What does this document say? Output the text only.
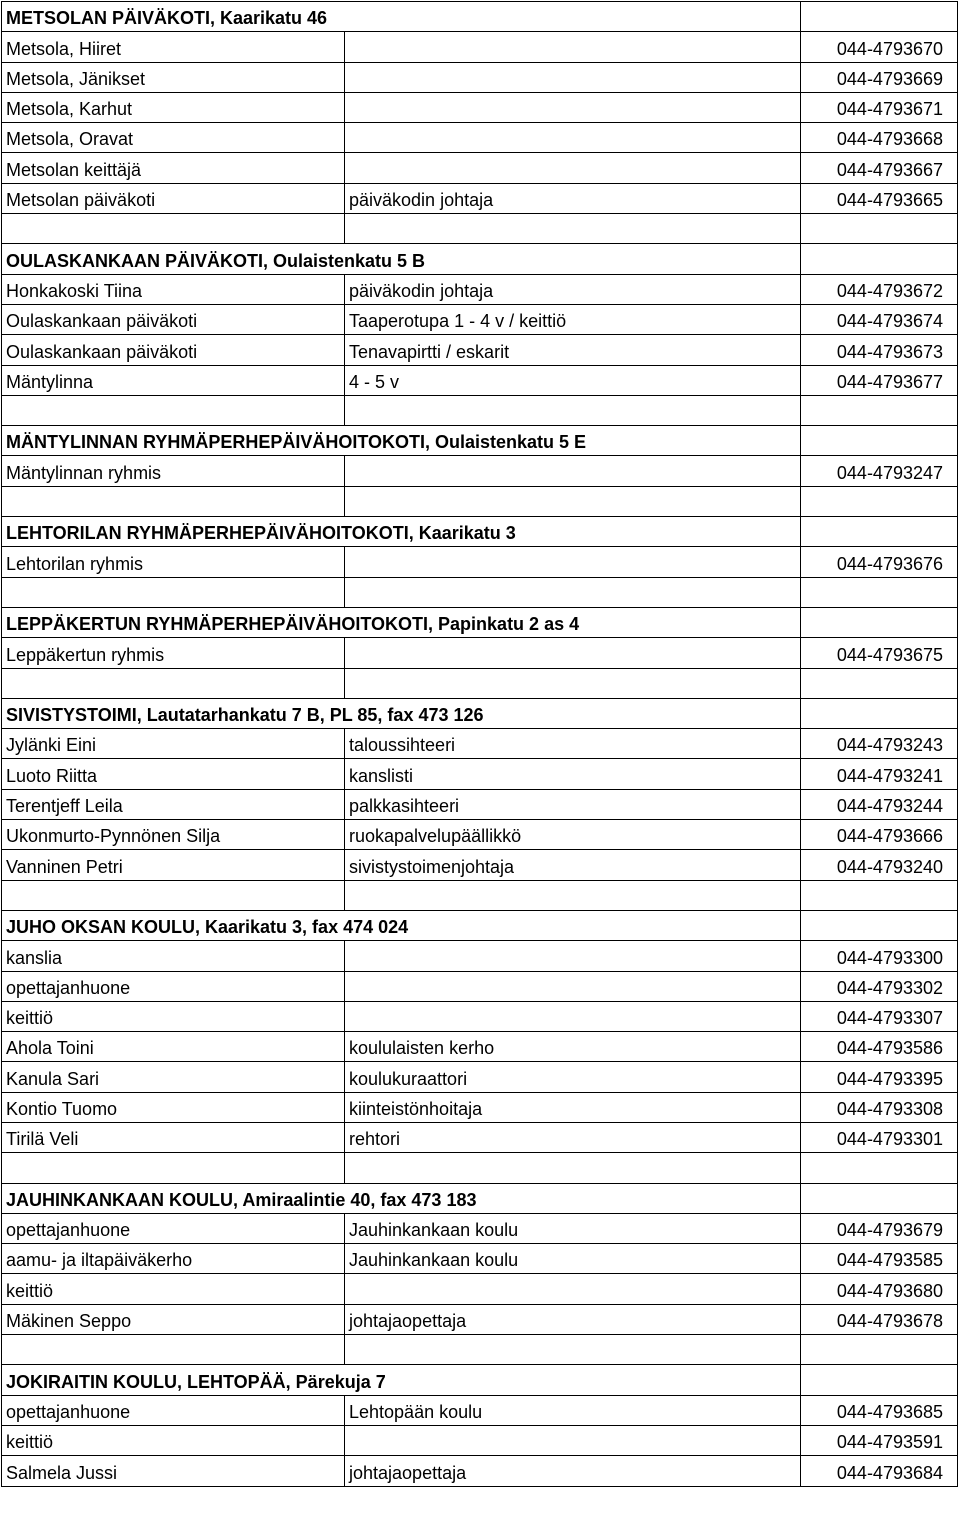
METSOLAN PÄIVÄKOTI, Kaarikatu 46		
Metsola, Hiiret		044-4793670
Metsola, Jänikset		044-4793669
Metsola, Karhut		044-4793671
Metsola, Oravat		044-4793668
Metsolan keittäjä		044-4793667
Metsolan päiväkoti	päiväkodin johtaja	044-4793665

OULASKANKAAN PÄIVÄKOTI, Oulaistenkatu 5 B		
Honkakoski Tiina	päiväkodin johtaja	044-4793672
Oulaskankaan päiväkoti	Taaperotupa 1 - 4 v / keittiö	044-4793674
Oulaskankaan päiväkoti	Tenavapirtti / eskarit	044-4793673
Mäntylinna	4 - 5 v	044-4793677

MÄNTYLINNAN RYHMÄPERHEPÄIVÄHOITOKOTI, Oulaistenkatu 5 E		
Mäntylinnan ryhmis		044-4793247

LEHTORILAN RYHMÄPERHEPÄIVÄHOITOKOTI, Kaarikatu 3		
Lehtorilan ryhmis		044-4793676

LEPPÄKERTUN RYHMÄPERHEPÄIVÄHOITOKOTI, Papinkatu 2 as 4		
Leppäkertun ryhmis		044-4793675

SIVISTYSTOIMI, Lautatarhankatu 7 B, PL 85, fax 473 126		
Jylänki Eini	taloussihteeri	044-4793243
Luoto Riitta	kanslisti	044-4793241
Terentjeff Leila	palkkasihteeri	044-4793244
Ukonmurto-Pynnönen Silja	ruokapalvelupäällikkö	044-4793666
Vanninen Petri	sivistystoimenjohtaja	044-4793240

JUHO OKSAN KOULU, Kaarikatu 3, fax 474 024		
kanslia		044-4793300
opettajanhuone		044-4793302
keittiö		044-4793307
Ahola Toini	koululaisten kerho	044-4793586
Kanula Sari	koulukuraattori	044-4793395
Kontio Tuomo	kiinteistönhoitaja	044-4793308
Tirilä Veli	rehtori	044-4793301

JAUHINKANKAAN KOULU, Amiraalintie 40, fax 473 183		
opettajanhuone	Jauhinkankaan koulu	044-4793679
aamu- ja iltapäiväkerho	Jauhinkankaan koulu	044-4793585
keittiö		044-4793680
Mäkinen Seppo	johtajaopettaja	044-4793678

JOKIRAITIN KOULU, LEHTOPÄÄ, Pärekuja 7		
opettajanhuone	Lehtopään koulu	044-4793685
keittiö		044-4793591
Salmela Jussi	johtajaopettaja	044-4793684
